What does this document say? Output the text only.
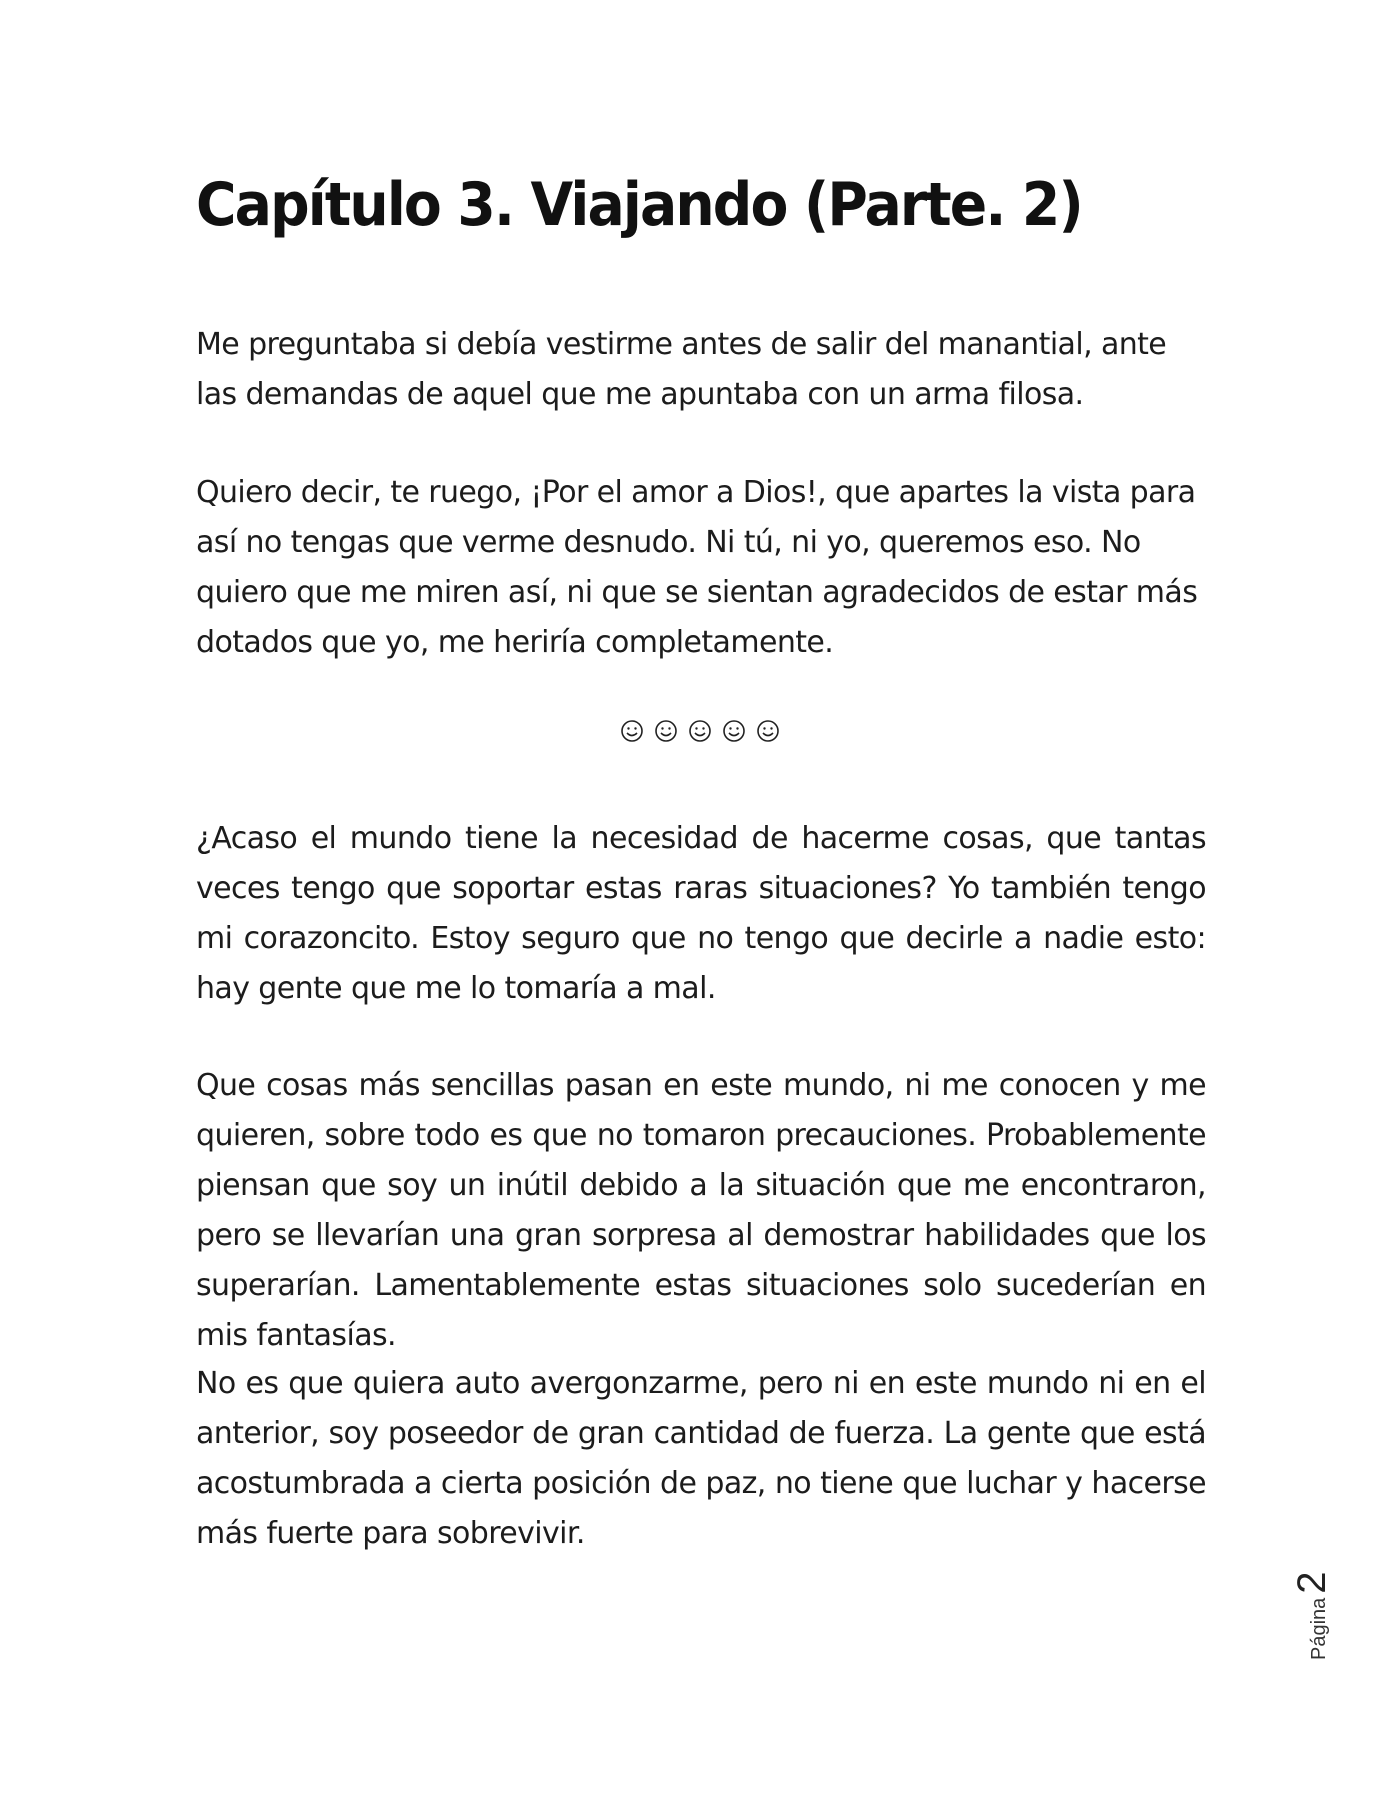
Capítulo 3. Viajando (Parte. 2)

Me preguntaba si debía vestirme antes de salir del manantial, ante las demandas de aquel que me apuntaba con un arma filosa.

Quiero decir, te ruego, ¡Por el amor a Dios!, que apartes la vista para así no tengas que verme desnudo. Ni tú, ni yo, queremos eso. No quiero que me miren así, ni que se sientan agradecidos de estar más dotados que yo, me heriría completamente.

¿Acaso el mundo tiene la necesidad de hacerme cosas, que tantas veces tengo que soportar estas raras situaciones? Yo también tengo mi corazoncito. Estoy seguro que no tengo que decirle a nadie esto: hay gente que me lo tomaría a mal.

Que cosas más sencillas pasan en este mundo, ni me conocen y me quieren, sobre todo es que no tomaron precauciones. Probablemente piensan que soy un inútil debido a la situación que me encontraron, pero se llevarían una gran sorpresa al demostrar habilidades que los superarían. Lamentablemente estas situaciones solo sucederían en mis fantasías.

No es que quiera auto avergonzarme, pero ni en este mundo ni en el anterior, soy poseedor de gran cantidad de fuerza. La gente que está acostumbrada a cierta posición de paz, no tiene que luchar y hacerse más fuerte para sobrevivir.

Página
2
